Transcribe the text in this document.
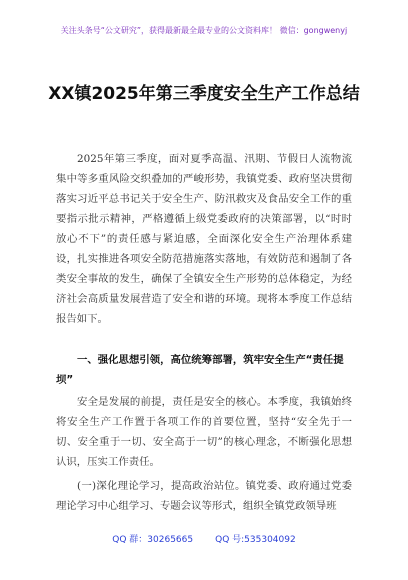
关注头条号“公文研究”，获得最新最全最专业的公文资料库！ 微信：gongwenyj
XX镇2025年第三季度安全生产工作总结

2025年第三季度，面对夏季高温、汛期、节假日人流物流集中等多重风险交织叠加的严峻形势，我镇党委、政府坚决贯彻落实习近平总书记关于安全生产、防汛救灾及食品安全工作的重要指示批示精神，严格遵循上级党委政府的决策部署，以“时时放心不下”的责任感与紧迫感，全面深化安全生产治理体系建设，扎实推进各项安全防范措施落实落地，有效防范和遏制了各类安全事故的发生，确保了全镇安全生产形势的总体稳定，为经济社会高质量发展营造了安全和谐的环境。现将本季度工作总结报告如下。

一、强化思想引领，高位统筹部署，筑牢安全生产“责任提坝”

安全是发展的前提，责任是安全的核心。本季度，我镇始终将安全生产工作置于各项工作的首要位置，坚持“安全先于一切、安全重于一切、安全高于一切”的核心理念，不断强化思想认识，压实工作责任。

(一)深化理论学习，提高政治站位。镇党委、政府通过党委理论学习中心组学习、专题会议等形式，组织全镇党政领导班

QQ 群：30265665 QQ 号:535304092
